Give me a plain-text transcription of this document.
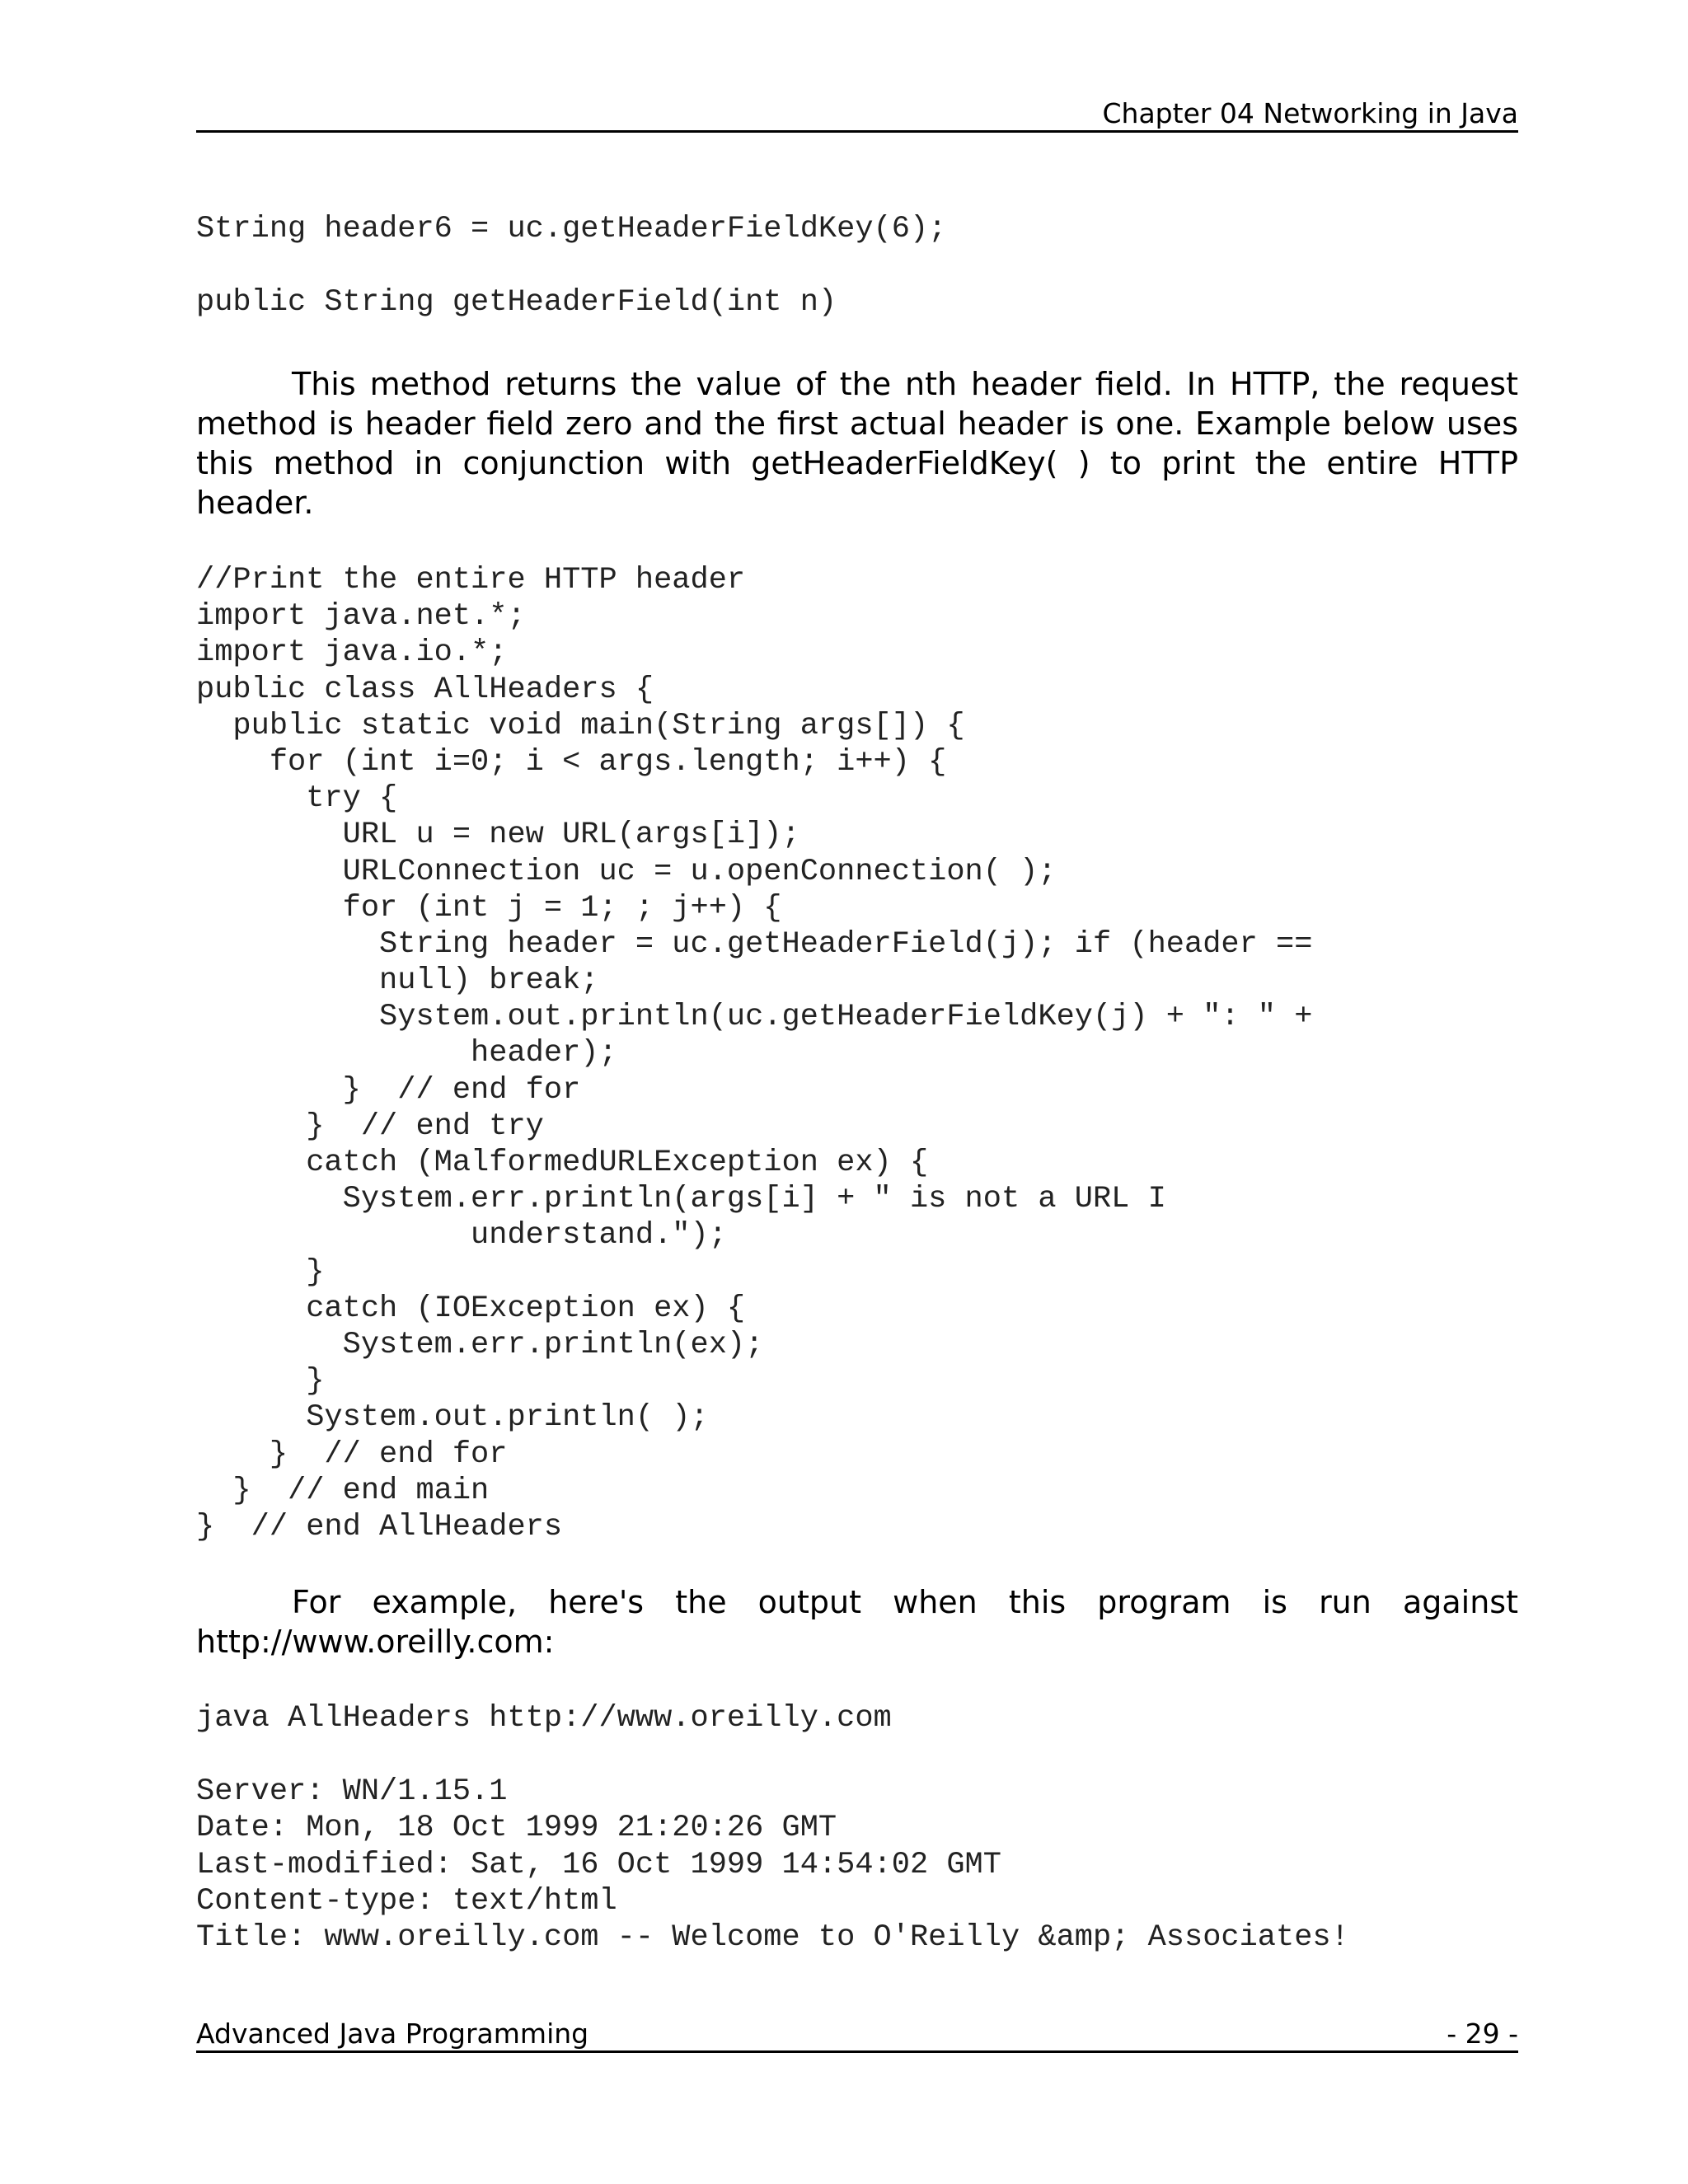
Chapter 04 Networking in Java
String header6 = uc.getHeaderFieldKey(6);
public String getHeaderField(int n)

This method returns the value of the nth header field. In HTTP, the request method is header field zero and the first actual header is one. Example below uses this method in conjunction with getHeaderFieldKey( ) to print the entire HTTP header.

//Print the entire HTTP header
import java.net.*;
import java.io.*;
public class AllHeaders {
public static void main(String args[]) {
for (int i=0; i < args.length; i++) {
try {
URL u = new URL(args[i]);
URLConnection uc = u.openConnection( );
for (int j = 1; ; j++) {
String header = uc.getHeaderField(j); if (header ==
null) break;
System.out.println(uc.getHeaderFieldKey(j) + ": " +
header);
}  // end for
}  // end try
catch (MalformedURLException ex) {
System.err.println(args[i] + " is not a URL I
understand.");
}
catch (IOException ex) {
System.err.println(ex);
}
System.out.println( );
}  // end for
}  // end main
}  // end AllHeaders

For example, here's the output when this program is run against http://www.oreilly.com:

java AllHeaders http://www.oreilly.com
Server: WN/1.15.1
Date: Mon, 18 Oct 1999 21:20:26 GMT
Last-modified: Sat, 16 Oct 1999 14:54:02 GMT
Content-type: text/html
Title: www.oreilly.com -- Welcome to O'Reilly &amp; Associates!
Advanced Java Programming	- 29 -
